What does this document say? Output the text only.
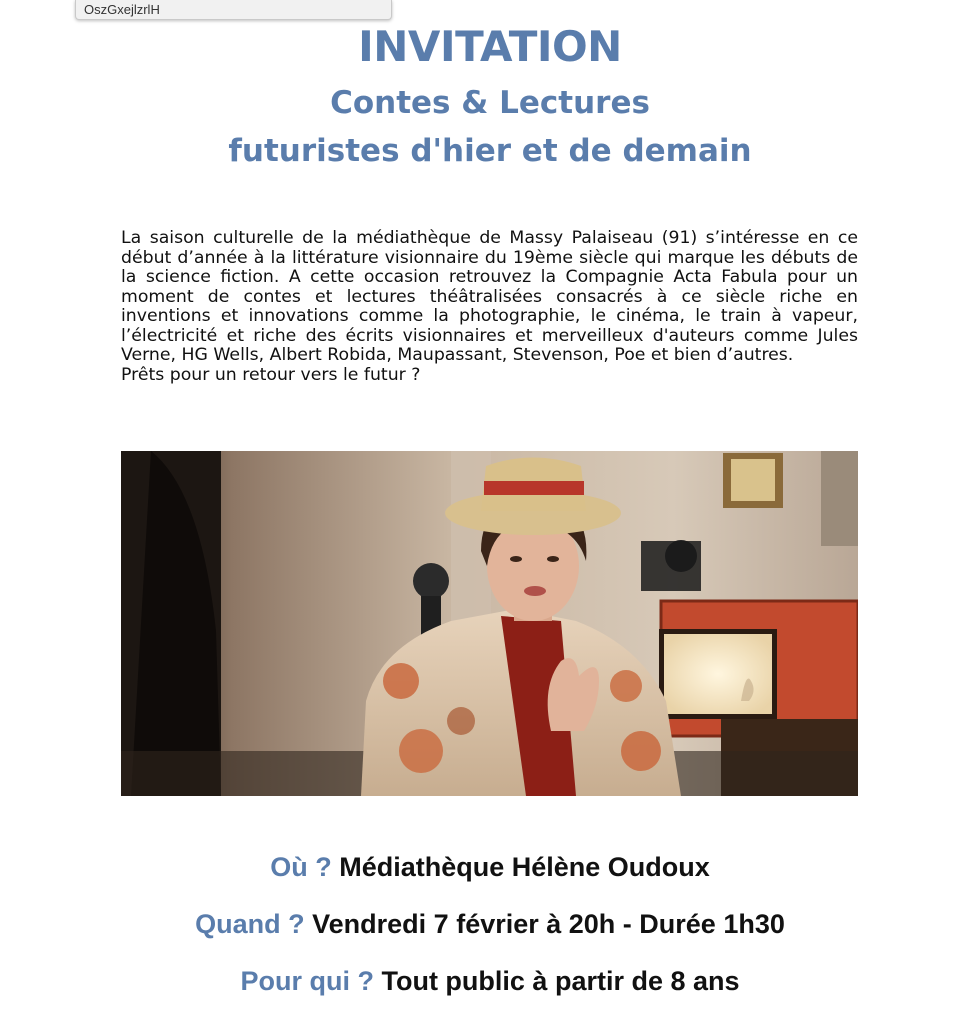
OszGxejlzrlH
INVITATION
Contes & Lectures
futuristes d'hier et de demain

La saison culturelle de la médiathèque de Massy Palaiseau (91) s’intéresse en ce début d’année à la littérature visionnaire du 19ème siècle qui marque les débuts de la science fiction. A cette occasion retrouvez la Compagnie Acta Fabula pour un moment de contes et lectures théâtralisées consacrés à ce siècle riche en inventions et innovations comme la photographie, le cinéma, le train à vapeur, l’électricité et riche des écrits visionnaires et merveilleux d'auteurs comme Jules Verne, HG Wells, Albert Robida, Maupassant, Stevenson, Poe et bien d’autres.

Prêts pour un retour vers le futur ?

Où ? Médiathèque Hélène Oudoux

Quand ? Vendredi 7 février à 20h - Durée 1h30

Pour qui ? Tout public à partir de 8 ans
